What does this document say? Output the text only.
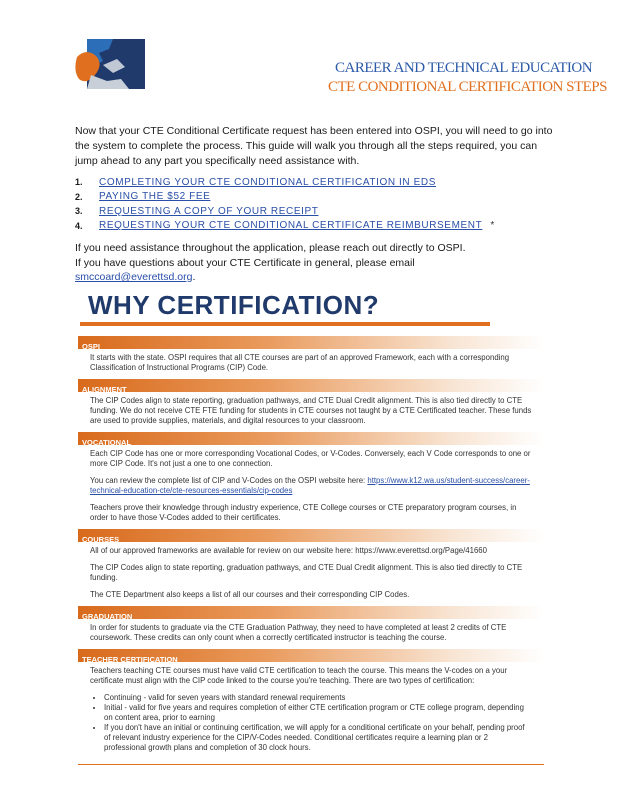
CAREER AND TECHNICAL EDUCATION
CTE CONDITIONAL CERTIFICATION STEPS

Now that your CTE Conditional Certificate request has been entered into OSPI, you will need to go into the system to complete the process. This guide will walk you through all the steps required, you can jump ahead to any part you specifically need assistance with.

1.	COMPLETING YOUR CTE CONDITIONAL CERTIFICATION IN EDS
2.	PAYING THE $52 FEE
3.	REQUESTING A COPY OF YOUR RECEIPT
4.	REQUESTING YOUR CTE CONDITIONAL CERTIFICATE REIMBURSEMENT *

If you need assistance throughout the application, please reach out directly to OSPI.
If you have questions about your CTE Certificate in general, please email
smccoard@everettsd.org.

WHY CERTIFICATION?
OSPI

It starts with the state. OSPI requires that all CTE courses are part of an approved Framework, each with a corresponding Classification of Instructional Programs (CIP) Code.

ALIGNMENT

The CIP Codes align to state reporting, graduation pathways, and CTE Dual Credit alignment. This is also tied directly to CTE funding. We do not receive CTE FTE funding for students in CTE courses not taught by a CTE Certificated teacher. These funds are used to provide supplies, materials, and digital resources to your classroom.

VOCATIONAL

Each CIP Code has one or more corresponding Vocational Codes, or V-Codes. Conversely, each V Code corresponds to one or more CIP Code. It's not just a one to one connection.

You can review the complete list of CIP and V-Codes on the OSPI website here: https://www.k12.wa.us/student-success/career-technical-education-cte/cte-resources-essentials/cip-codes

Teachers prove their knowledge through industry experience, CTE College courses or CTE preparatory program courses, in order to have those V-Codes added to their certificates.

COURSES

All of our approved frameworks are available for review on our website here: https://www.everettsd.org/Page/41660

The CIP Codes align to state reporting, graduation pathways, and CTE Dual Credit alignment. This is also tied directly to CTE funding.

The CTE Department also keeps a list of all our courses and their corresponding CIP Codes.

GRADUATION

In order for students to graduate via the CTE Graduation Pathway, they need to have completed at least 2 credits of CTE coursework. These credits can only count when a correctly certificated instructor is teaching the course.

TEACHER CERTIFICATION

Teachers teaching CTE courses must have valid CTE certification to teach the course. This means the V-codes on a your certificate must align with the CIP code linked to the course you're teaching. There are two types of certification:

• Continuing - valid for seven years with standard renewal requirements
• Initial - valid for five years and requires completion of either CTE certification program or CTE college program, depending on content area, prior to earning
• If you don't have an initial or continuing certification, we will apply for a conditional certificate on your behalf, pending proof of relevant industry experience for the CIP/V-Codes needed. Conditional certificates require a learning plan or 2 professional growth plans and completion of 30 clock hours.
